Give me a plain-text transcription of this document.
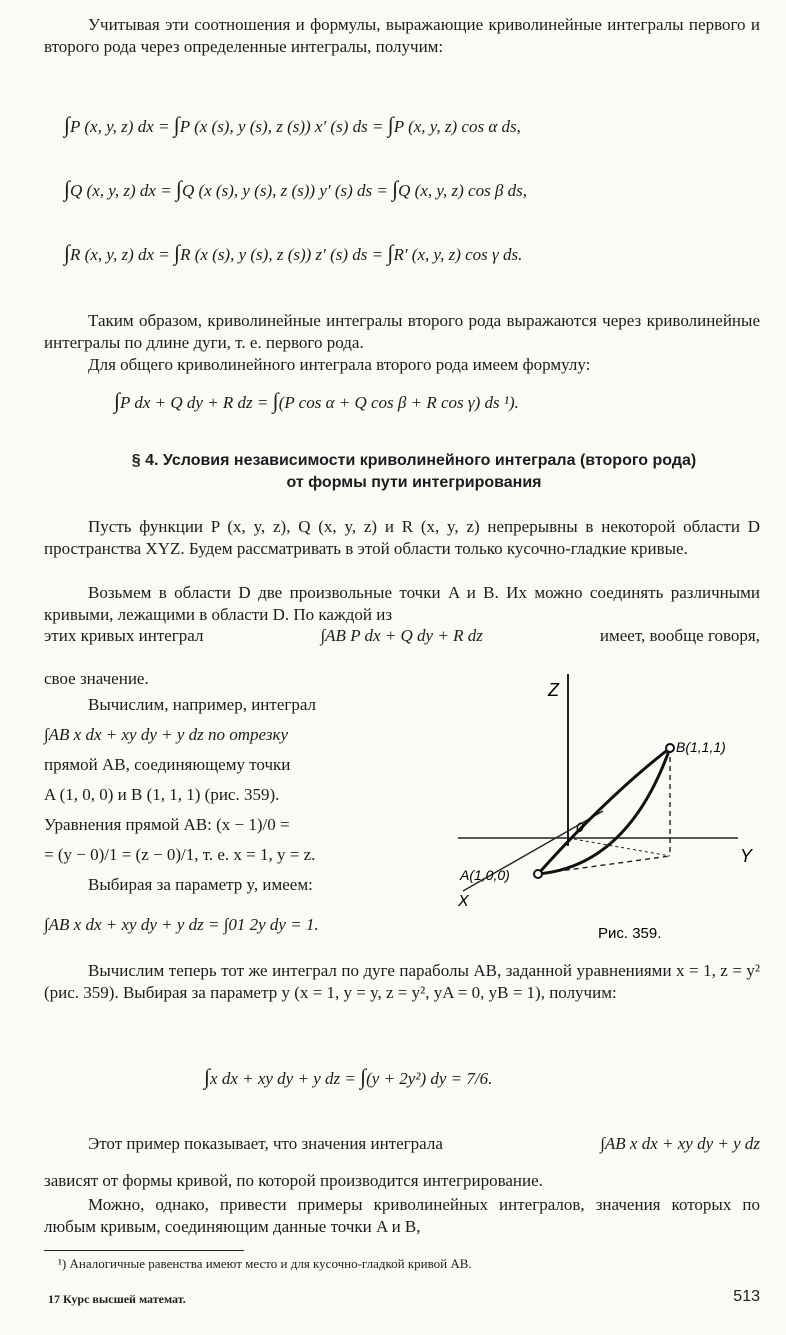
Учитывая эти соотношения и формулы, выражающие криволинейные интегралы первого и второго рода через определенные интегралы, получим:

∫P (x, y, z) dx = ∫P (x (s), y (s), z (s)) x′ (s) ds = ∫P (x, y, z) cos α ds,
∫Q (x, y, z) dx = ∫Q (x (s), y (s), z (s)) y′ (s) ds = ∫Q (x, y, z) cos β ds,
∫R (x, y, z) dx = ∫R (x (s), y (s), z (s)) z′ (s) ds = ∫R′ (x, y, z) cos γ ds.

Таким образом, криволинейные интегралы второго рода выражаются через криволинейные интегралы по длине дуги, т. е. первого рода.

Для общего криволинейного интеграла второго рода имеем формулу:

∫P dx + Q dy + R dz = ∫(P cos α + Q cos β + R cos γ) ds ¹).
§ 4. Условия независимости криволинейного интеграла (второго рода)
от формы пути интегрирования

Пусть функции P (x, y, z), Q (x, y, z) и R (x, y, z) непрерывны в некоторой области D пространства XYZ. Будем рассматривать в этой области только кусочно-гладкие кривые.

Возьмем в области D две произвольные точки A и B. Их можно соединять различными кривыми, лежащими в области D. По каждой из

этих кривых интеграл	∫AB P dx + Q dy + R dz	имеет, вообще говоря,

свое значение.

Вычислим, например, интеграл
∫AB x dx + xy dy + y dz по отрезку
прямой AB, соединяющему точки
A (1, 0, 0) и B (1, 1, 1) (рис. 359).
Уравнения прямой AB: (x − 1)/0 =
= (y − 0)/1 = (z − 0)/1, т. е. x = 1, y = z.
Выбирая за параметр y, имеем:
∫AB x dx + xy dy + y dz = ∫01 2y dy = 1.
Z
Y
X
0
A(1,0,0)
B(1,1,1)
Рис. 359.

Вычислим теперь тот же интеграл по дуге параболы AB, заданной уравнениями x = 1, z = y² (рис. 359). Выбирая за параметр y (x = 1, y = y, z = y², yA = 0, yB = 1), получим:

∫x dx + xy dy + y dz = ∫(y + 2y²) dy = 7/6.
Этот пример показывает, что значения интеграла	∫AB x dx + xy dy + y dz

зависят от формы кривой, по которой производится интегрирование.

Можно, однако, привести примеры криволинейных интегралов, значения которых по любым кривым, соединяющим данные точки A и B,

¹) Аналогичные равенства имеют место и для кусочно-гладкой кривой AB.
17 Курс высшей математ.	513
